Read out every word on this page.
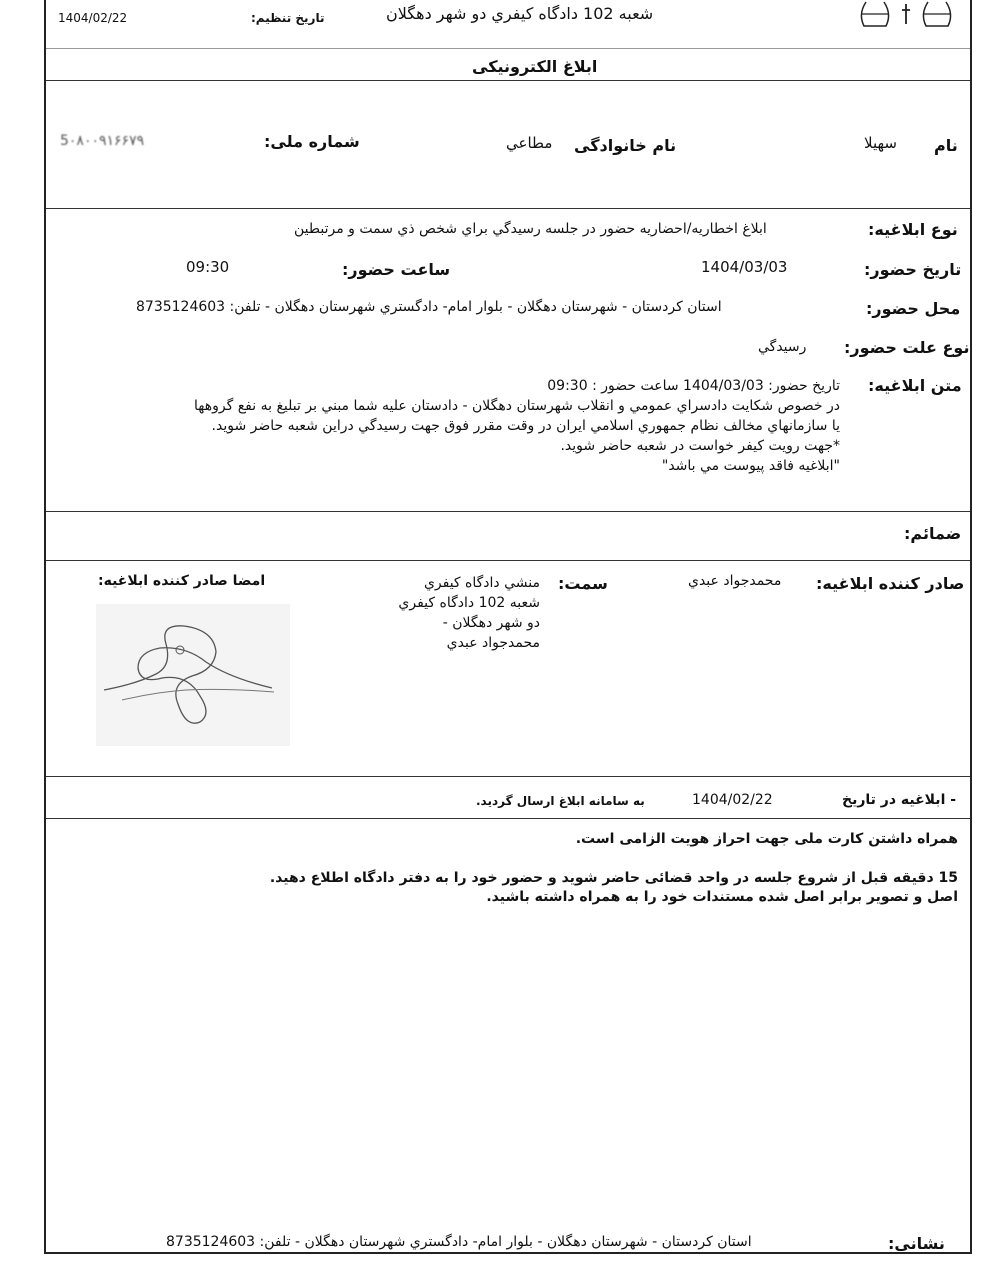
1404/02/22	تاریخ تنظیم:	شعبه 102 دادگاه کیفري دو شهر دهگلان
ابلاغ الکترونیکی
نام
سهیلا
نام خانوادگی
مطاعي
شماره ملی:
5۰۸۰۰۹۱۶۶۷۹
نوع ابلاغیه:
ابلاغ اخطاريه/احضاريه حضور در جلسه رسيدگي براي شخص ذي سمت و مرتبطين
تاریخ حضور:
1404/03/03
ساعت حضور:
09:30
محل حضور:
استان کردستان - شهرستان دهگلان - بلوار امام- دادگستري شهرستان دهگلان - تلفن: 8735124603
نوع علت حضور:
رسيدگي
متن ابلاغیه:
تاريخ حضور: 1404/03/03 ساعت حضور : 09:30
در خصوص شکايت دادسراي عمومي و انقلاب شهرستان دهگلان - دادستان عليه شما مبني بر تبليغ به نفع گروهها
يا سازمانهاي مخالف نظام جمهوري اسلامي ايران در وقت مقرر فوق جهت رسيدگي دراين شعبه حاضر شويد.
*جهت رويت کيفر خواست در شعبه حاضر شويد.
"ابلاغيه فاقد پيوست مي باشد"
ضمائم:
صادر کننده ابلاغیه:
محمدجواد عبدي
سمت:
منشي دادگاه کيفري
شعبه 102 دادگاه کيفري
دو شهر دهگلان -
محمدجواد عبدي
امضا صادر کننده ابلاغیه:
- ابلاغیه در تاریخ
1404/02/22
به سامانه ابلاغ ارسال گردید.
همراه داشتن کارت ملی جهت احراز هویت الزامی است.
15 دقیقه قبل از شروع جلسه در واحد قضائی حاضر شوید و حضور خود را به دفتر دادگاه اطلاع دهید.
اصل و تصویر برابر اصل شده مستندات خود را به همراه داشته باشید.
نشانی:
استان کردستان - شهرستان دهگلان - بلوار امام- دادگستري شهرستان دهگلان - تلفن: 8735124603
